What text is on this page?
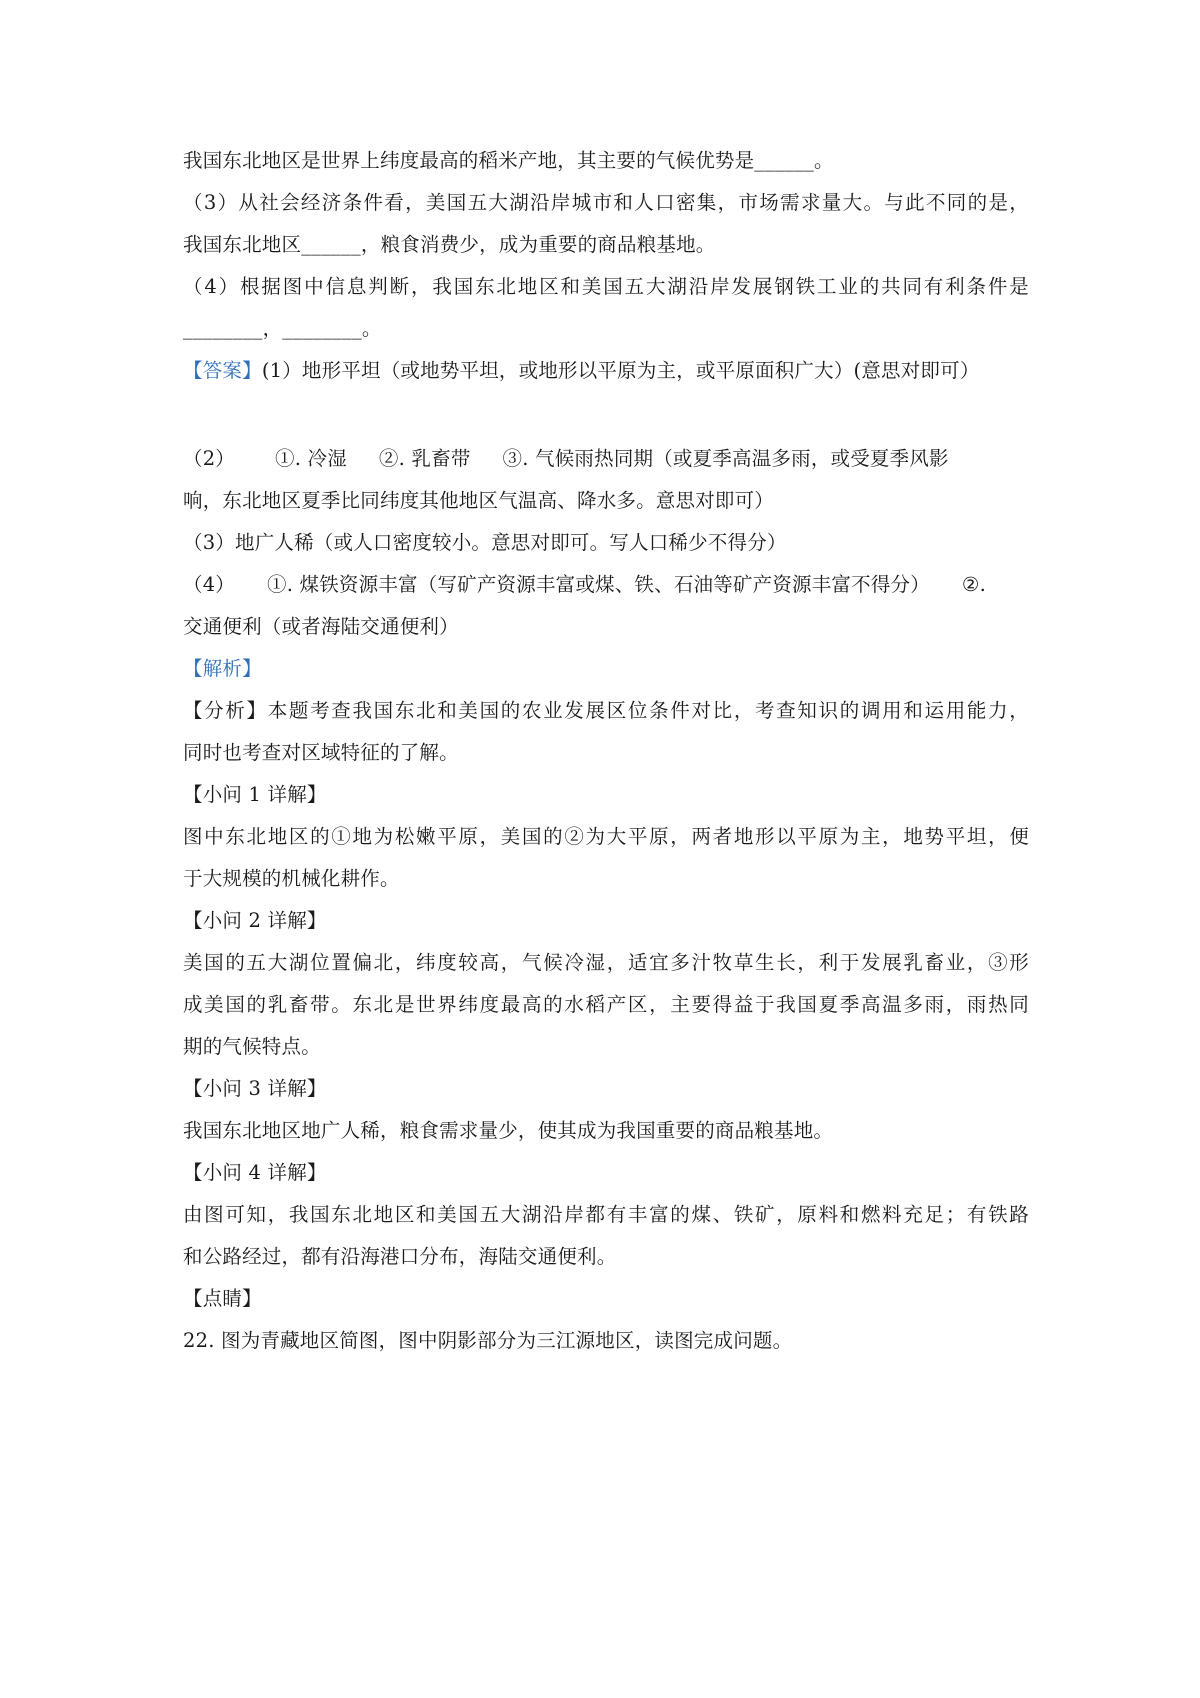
我国东北地区是世界上纬度最高的稻米产地，其主要的气候优势是______。
（3）从社会经济条件看，美国五大湖沿岸城市和人口密集，市场需求量大。与此不同的是，
我国东北地区______，粮食消费少，成为重要的商品粮基地。
（4）根据图中信息判断，我国东北地区和美国五大湖沿岸发展钢铁工业的共同有利条件是
________，________。
【答案】(1）地形平坦（或地势平坦，或地形以平原为主，或平原面积广大）(意思对即可）
（2） ①. 冷湿 ②. 乳畜带 ③. 气候雨热同期（或夏季高温多雨，或受夏季风影
响，东北地区夏季比同纬度其他地区气温高、降水多。意思对即可）
（3）地广人稀（或人口密度较小。意思对即可。写人口稀少不得分）
（4） ①. 煤铁资源丰富（写矿产资源丰富或煤、铁、石油等矿产资源丰富不得分） ②.
交通便利（或者海陆交通便利）
【解析】
【分析】本题考查我国东北和美国的农业发展区位条件对比，考查知识的调用和运用能力，
同时也考查对区域特征的了解。
【小问 1 详解】
图中东北地区的①地为松嫩平原，美国的②为大平原，两者地形以平原为主，地势平坦，便
于大规模的机械化耕作。
【小问 2 详解】
美国的五大湖位置偏北，纬度较高，气候冷湿，适宜多汁牧草生长，利于发展乳畜业，③形
成美国的乳畜带。东北是世界纬度最高的水稻产区，主要得益于我国夏季高温多雨，雨热同
期的气候特点。
【小问 3 详解】
我国东北地区地广人稀，粮食需求量少，使其成为我国重要的商品粮基地。
【小问 4 详解】
由图可知，我国东北地区和美国五大湖沿岸都有丰富的煤、铁矿，原料和燃料充足；有铁路
和公路经过，都有沿海港口分布，海陆交通便利。
【点睛】
22. 图为青藏地区简图，图中阴影部分为三江源地区，读图完成问题。
